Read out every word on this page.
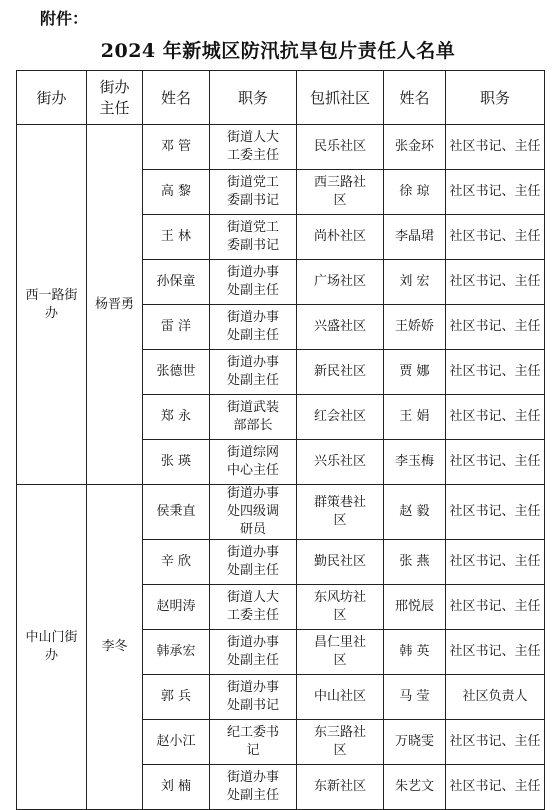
附件：
2024 年新城区防汛抗旱包片责任人名单
街办	街办主任	姓名	职务	包抓社区	姓名	职务
西一路街办	杨晋勇	邓 管	街道人大工委主任	民乐社区	张金环	社区书记、主任
		高 黎	街道党工委副书记	西三路社区	徐 琼	社区书记、主任
		王 林	街道党工委副书记	尚朴社区	李晶珺	社区书记、主任
		孙保童	街道办事处副主任	广场社区	刘 宏	社区书记、主任
		雷 洋	街道办事处副主任	兴盛社区	王娇娇	社区书记、主任
		张德世	街道办事处副主任	新民社区	贾 娜	社区书记、主任
		郑 永	街道武装部部长	红会社区	王 娟	社区书记、主任
		张 瑛	街道综网中心主任	兴乐社区	李玉梅	社区书记、主任
中山门街办	李冬	侯秉直	街道办事处四级调研员	群策巷社区	赵 毅	社区书记、主任
		辛 欣	街道办事处副主任	勤民社区	张 燕	社区书记、主任
		赵明涛	街道人大工委主任	东风坊社区	邢悦辰	社区书记、主任
		韩承宏	街道办事处副主任	昌仁里社区	韩 英	社区书记、主任
		郭 兵	街道办事处副书记	中山社区	马 莹	社区负责人
		赵小江	纪工委书记	东三路社区	万晓雯	社区书记、主任
		刘 楠	街道办事处副主任	东新社区	朱艺文	社区书记、主任
